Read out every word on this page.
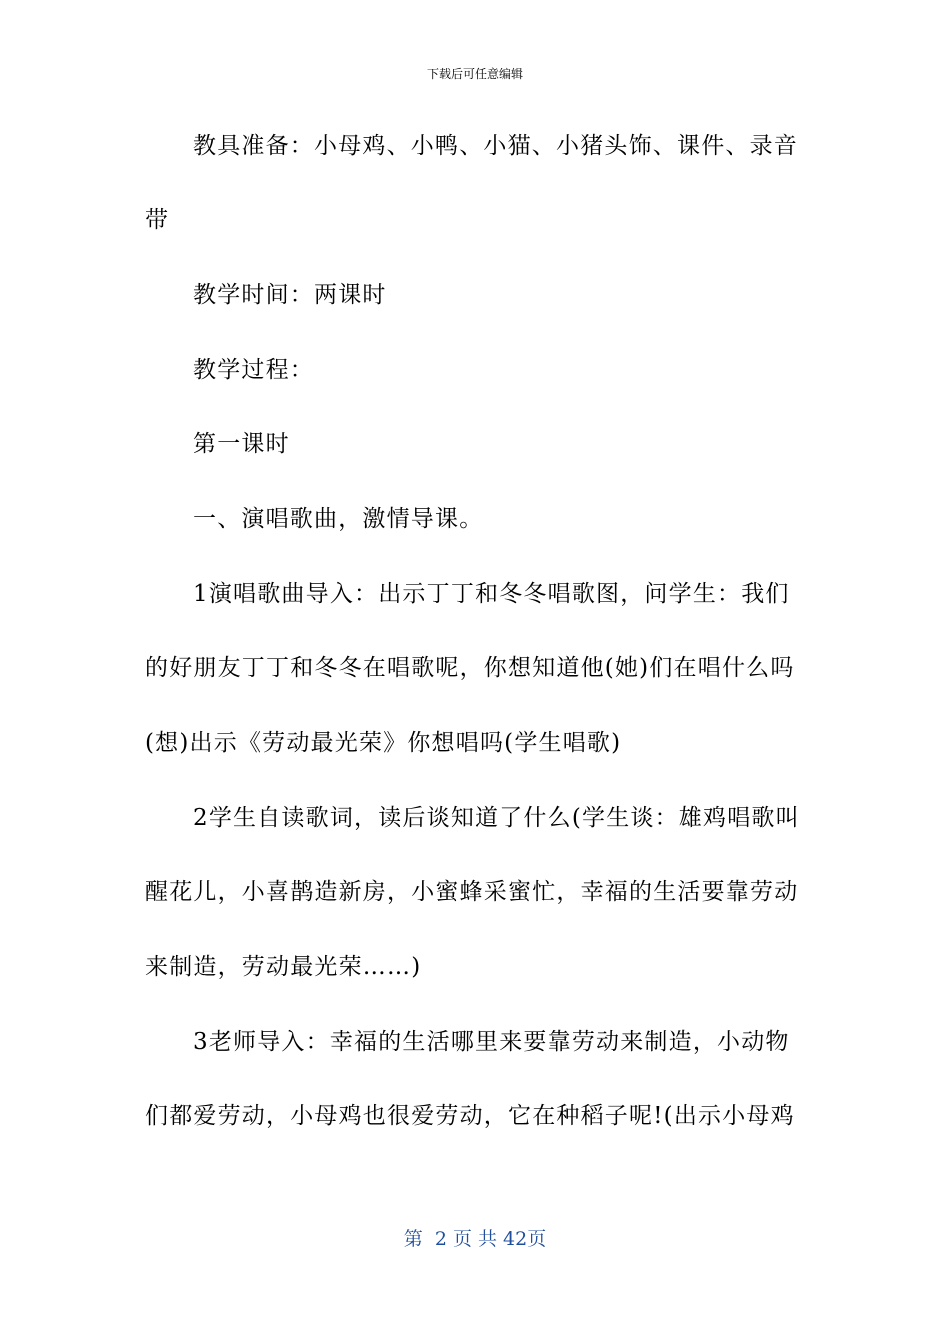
下载后可任意编辑
教具准备：小母鸡、小鸭、小猫、小猪头饰、课件、录音
带
教学时间：两课时
教学过程：
第一课时
一、演唱歌曲，激情导课。
1演唱歌曲导入：出示丁丁和冬冬唱歌图，问学生：我们
的好朋友丁丁和冬冬在唱歌呢，你想知道他(她)们在唱什么吗
(想)出示《劳动最光荣》你想唱吗(学生唱歌)
2学生自读歌词，读后谈知道了什么(学生谈：雄鸡唱歌叫
醒花儿，小喜鹊造新房，小蜜蜂采蜜忙，幸福的生活要靠劳动
来制造，劳动最光荣……)
3老师导入：幸福的生活哪里来要靠劳动来制造，小动物
们都爱劳动，小母鸡也很爱劳动，它在种稻子呢!(出示小母鸡
第  2 页 共 42页
